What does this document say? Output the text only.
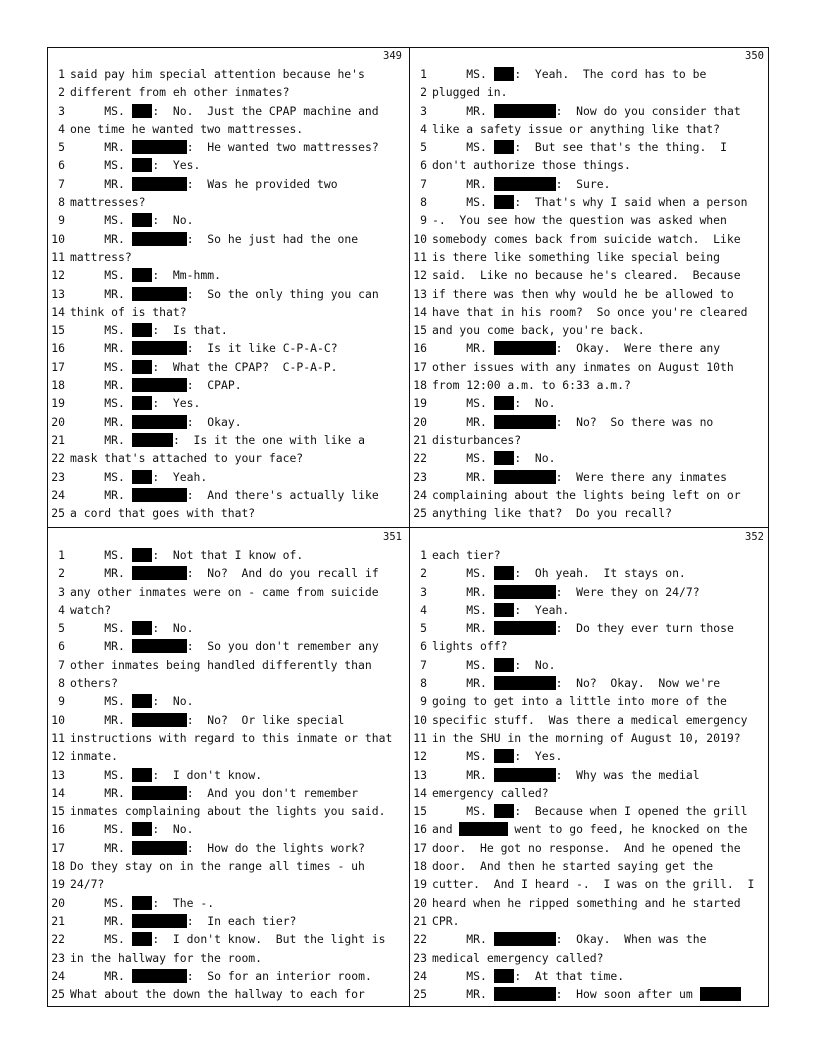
349
1 said pay him special attention because he's
2 different from eh other inmates?
3     MS. :  No.  Just the CPAP machine and
4 one time he wanted two mattresses.
5     MR.	:  He wanted two mattresses?
6     MS. :  Yes.
7     MR.	:  Was he provided two
8 mattresses?
9     MS. :  No.
10     MR.	:  So he just had the one
11 mattress?
12     MS. :  Mm-hmm.
13     MR.	:  So the only thing you can
14 think of is that?
15     MS. :  Is that.
16     MR.	:  Is it like C-P-A-C?
17     MS. :  What the CPAP?  C-P-A-P.
18     MR.	:  CPAP.
19     MS. :  Yes.
20     MR.	:  Okay.
21     MR.	:  Is it the one with like a
22 mask that's attached to your face?
23     MS. :  Yeah.
24     MR.	:  And there's actually like
25 a cord that goes with that?
350
1     MS. :  Yeah.  The cord has to be
2 plugged in.
3     MR.	:  Now do you consider that
4 like a safety issue or anything like that?
5     MS. :  But see that's the thing.  I
6 don't authorize those things.
7     MR.	:  Sure.
8     MS. :  That's why I said when a person
9 -.  You see how the question was asked when
10 somebody comes back from suicide watch.  Like
11 is there like something like special being
12 said.  Like no because he's cleared.  Because
13 if there was then why would he be allowed to
14 have that in his room?  So once you're cleared
15 and you come back, you're back.
16     MR.	:  Okay.  Were there any
17 other issues with any inmates on August 10th
18 from 12:00 a.m. to 6:33 a.m.?
19     MS. :  No.
20     MR.	:  No?  So there was no
21 disturbances?
22     MS. :  No.
23     MR.	:  Were there any inmates
24 complaining about the lights being left on or
25 anything like that?  Do you recall?
351
1     MS. :  Not that I know of.
2     MR.	:  No?  And do you recall if
3 any other inmates were on - came from suicide
4 watch?
5     MS. :  No.
6     MR.	:  So you don't remember any
7 other inmates being handled differently than
8 others?
9     MS. :  No.
10     MR.	:  No?  Or like special
11 instructions with regard to this inmate or that
12 inmate.
13     MS. :  I don't know.
14     MR.	:  And you don't remember
15 inmates complaining about the lights you said.
16     MS. :  No.
17     MR.	:  How do the lights work?
18 Do they stay on in the range all times - uh
19 24/7?
20     MS. :  The -.
21     MR.	:  In each tier?
22     MS. :  I don't know.  But the light is
23 in the hallway for the room.
24     MR.	:  So for an interior room.
25 What about the down the hallway to each for
352
1 each tier?
2     MS. :  Oh yeah.  It stays on.
3     MR.	:  Were they on 24/7?
4     MS. :  Yeah.
5     MR.	:  Do they ever turn those
6 lights off?
7     MS. :  No.
8     MR.	:  No?  Okay.  Now we're
9 going to get into a little into more of the
10 specific stuff.  Was there a medical emergency
11 in the SHU in the morning of August 10, 2019?
12     MS. :  Yes.
13     MR.	:  Why was the medial
14 emergency called?
15     MS. :  Because when I opened the grill
16 and	went to go feed, he knocked on the
17 door.  He got no response.  And he opened the
18 door.  And then he started saying get the
19 cutter.  And I heard -.  I was on the grill.  I
20 heard when he ripped something and he started
21 CPR.
22     MR.	:  Okay.  When was the
23 medical emergency called?
24     MS. :  At that time.
25     MR.	:  How soon after um
